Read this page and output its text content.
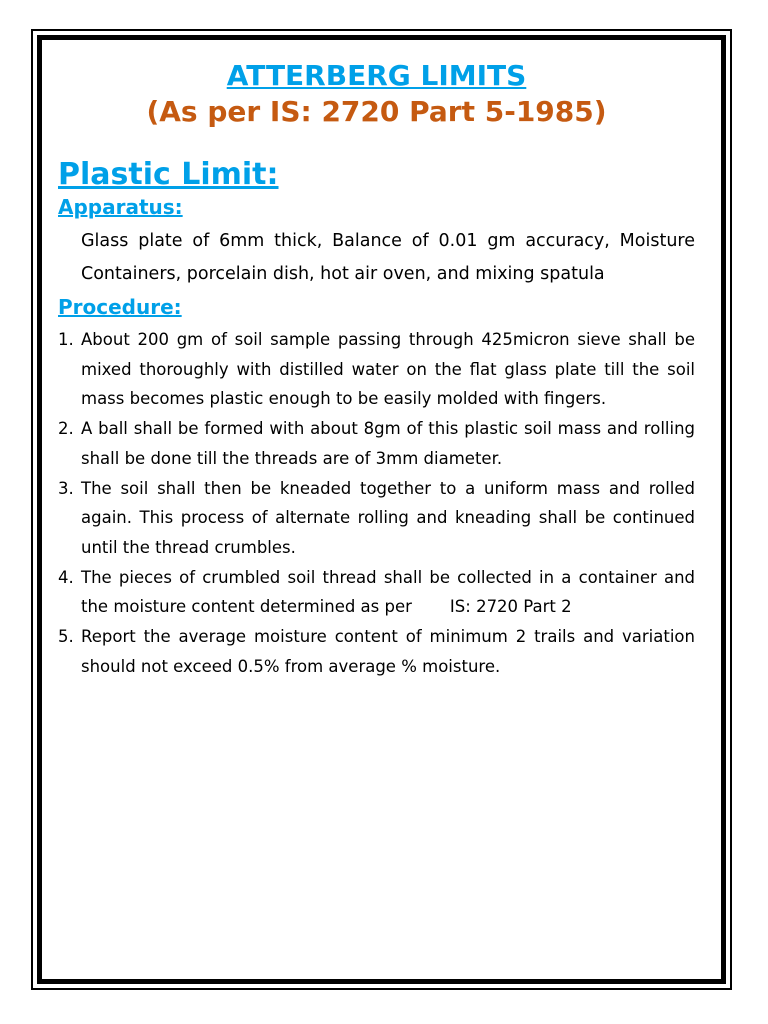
ATTERBERG LIMITS
(As per IS: 2720 Part 5-1985)
Plastic Limit:
Apparatus:

Glass plate of 6mm thick, Balance of 0.01 gm accuracy, Moisture Containers, porcelain dish, hot air oven, and mixing spatula

Procedure:
1. About 200 gm of soil sample passing through 425micron sieve shall be mixed thoroughly with distilled water on the flat glass plate till the soil mass becomes plastic enough to be easily molded with fingers.
2. A ball shall be formed with about 8gm of this plastic soil mass and rolling shall be done till the threads are of 3mm diameter.
3. The soil shall then be kneaded together to a uniform mass and rolled again. This process of alternate rolling and kneading shall be continued until the thread crumbles.
4. The pieces of crumbled soil thread shall be collected in a container and the moisture content determined as per IS: 2720 Part 2
5. Report the average moisture content of minimum 2 trails and variation should not exceed 0.5% from average % moisture.
